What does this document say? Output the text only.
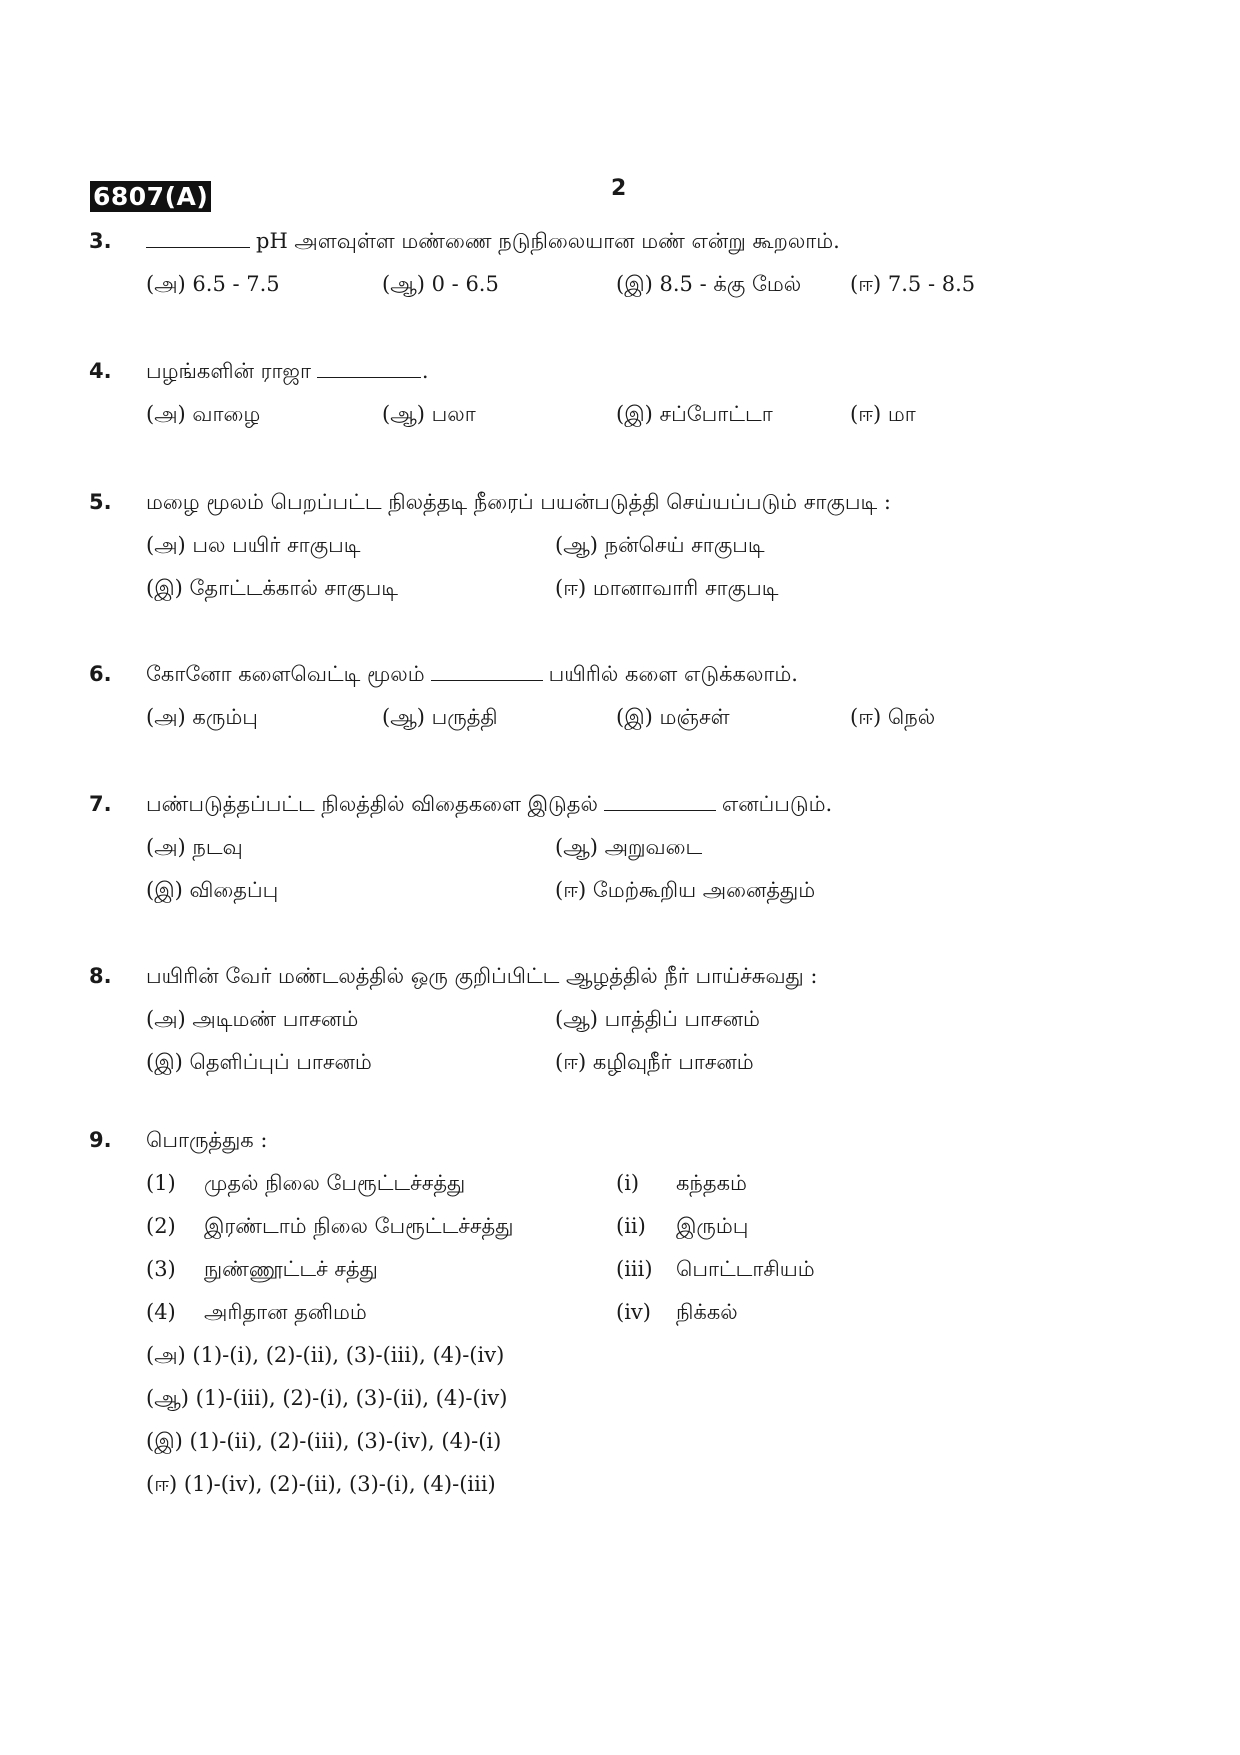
6807(A)	2
3.	pH அளவுள்ள மண்ணை நடுநிலையான மண் என்று கூறலாம்.
(அ) 6.5 - 7.5	(ஆ) 0 - 6.5	(இ) 8.5 - க்கு மேல் (ஈ) 7.5 - 8.5
4. பழங்களின் ராஜா	.
(அ) வாழை	(ஆ) பலா	(இ) சப்போட்டா	(ஈ) மா
5. மழை மூலம் பெறப்பட்ட நிலத்தடி நீரைப் பயன்படுத்தி செய்யப்படும் சாகுபடி :
(அ) பல பயிர் சாகுபடி	(ஆ) நன்செய் சாகுபடி
(இ) தோட்டக்கால் சாகுபடி	(ஈ) மானாவாரி சாகுபடி
6. கோனோ களைவெட்டி மூலம்	பயிரில் களை எடுக்கலாம்.
(அ) கரும்பு	(ஆ) பருத்தி	(இ) மஞ்சள்	(ஈ) நெல்
7. பண்படுத்தப்பட்ட நிலத்தில் விதைகளை இடுதல்	எனப்படும்.
(அ) நடவு	(ஆ) அறுவடை
(இ) விதைப்பு	(ஈ) மேற்கூறிய அனைத்தும்
8. பயிரின் வேர் மண்டலத்தில் ஒரு குறிப்பிட்ட ஆழத்தில் நீர் பாய்ச்சுவது :
(அ) அடிமண் பாசனம்	(ஆ) பாத்திப் பாசனம்
(இ) தெளிப்புப் பாசனம்	(ஈ) கழிவுநீர் பாசனம்
9. பொருத்துக :
(1) முதல் நிலை பேரூட்டச்சத்து	(i) கந்தகம்
(2) இரண்டாம் நிலை பேரூட்டச்சத்து	(ii) இரும்பு
(3) நுண்ணூட்டச் சத்து	(iii) பொட்டாசியம்
(4) அரிதான தனிமம்	(iv) நிக்கல்
(அ) (1)-(i), (2)-(ii), (3)-(iii), (4)-(iv)
(ஆ) (1)-(iii), (2)-(i), (3)-(ii), (4)-(iv)
(இ) (1)-(ii), (2)-(iii), (3)-(iv), (4)-(i)
(ஈ) (1)-(iv), (2)-(ii), (3)-(i), (4)-(iii)
